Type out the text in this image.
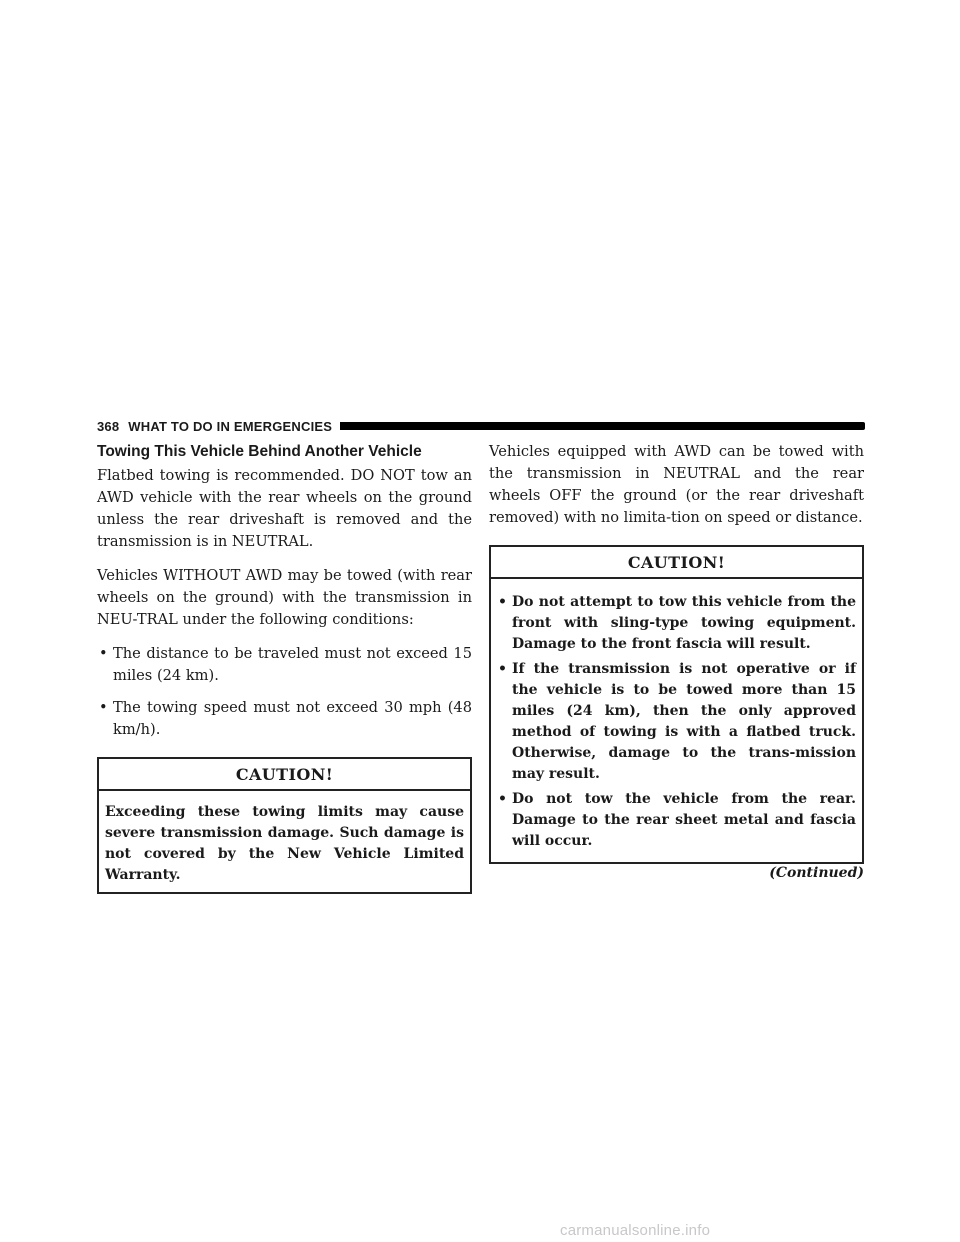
368 WHAT TO DO IN EMERGENCIES
Towing This Vehicle Behind Another Vehicle

Flatbed towing is recommended. DO NOT tow an AWD vehicle with the rear wheels on the ground unless the rear driveshaft is removed and the transmission is in NEUTRAL.

Vehicles WITHOUT AWD may be towed (with rear wheels on the ground) with the transmission in NEU-TRAL under the following conditions:

• The distance to be traveled must not exceed 15 miles (24 km).
• The towing speed must not exceed 30 mph (48 km/h).
CAUTION!
Exceeding these towing limits may cause severe transmission damage. Such damage is not covered by the New Vehicle Limited Warranty.

Vehicles equipped with AWD can be towed with the transmission in NEUTRAL and the rear wheels OFF the ground (or the rear driveshaft removed) with no limita-tion on speed or distance.

CAUTION!
• Do not attempt to tow this vehicle from the front with sling-type towing equipment. Damage to the front fascia will result.
• If the transmission is not operative or if the vehicle is to be towed more than 15 miles (24 km), then the only approved method of towing is with a flatbed truck. Otherwise, damage to the trans-mission may result.
• Do not tow the vehicle from the rear. Damage to the rear sheet metal and fascia will occur.
(Continued)
carmanualsonline.info
